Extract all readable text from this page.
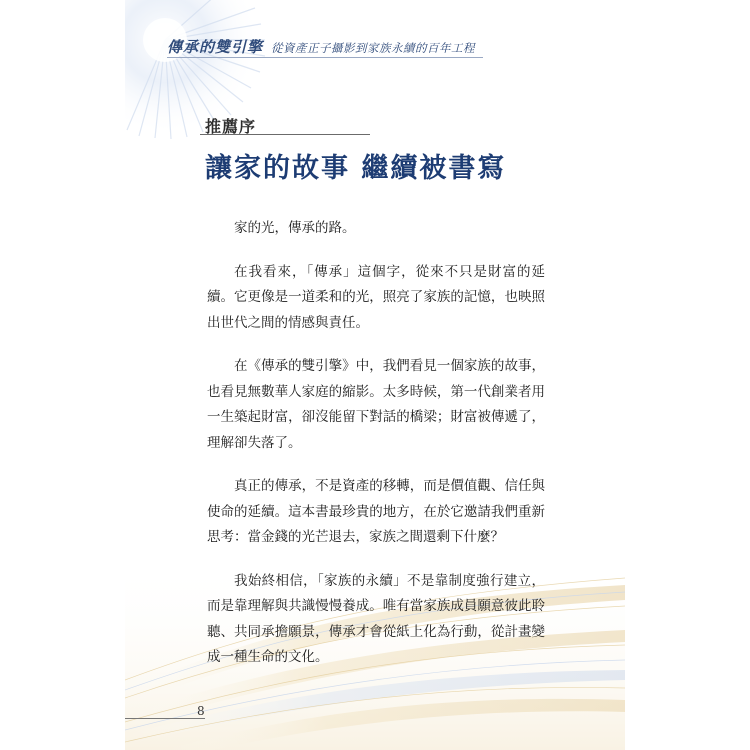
傳承的雙引擎 從資產正子攝影到家族永續的百年工程
推薦序
讓家的故事 繼續被書寫

家的光，傳承的路。

在我看來，「傳承」這個字，從來不只是財富的延續。它更像是一道柔和的光，照亮了家族的記憶，也映照出世代之間的情感與責任。

在《傳承的雙引擎》中，我們看見一個家族的故事，也看見無數華人家庭的縮影。太多時候，第一代創業者用一生築起財富，卻沒能留下對話的橋梁；財富被傳遞了，理解卻失落了。

真正的傳承，不是資產的移轉，而是價值觀、信任與使命的延續。這本書最珍貴的地方，在於它邀請我們重新思考：當金錢的光芒退去，家族之間還剩下什麼？

我始終相信，「家族的永續」不是靠制度強行建立，而是靠理解與共識慢慢養成。唯有當家族成員願意彼此聆聽、共同承擔願景，傳承才會從紙上化為行動，從計畫變成一種生命的文化。

8
